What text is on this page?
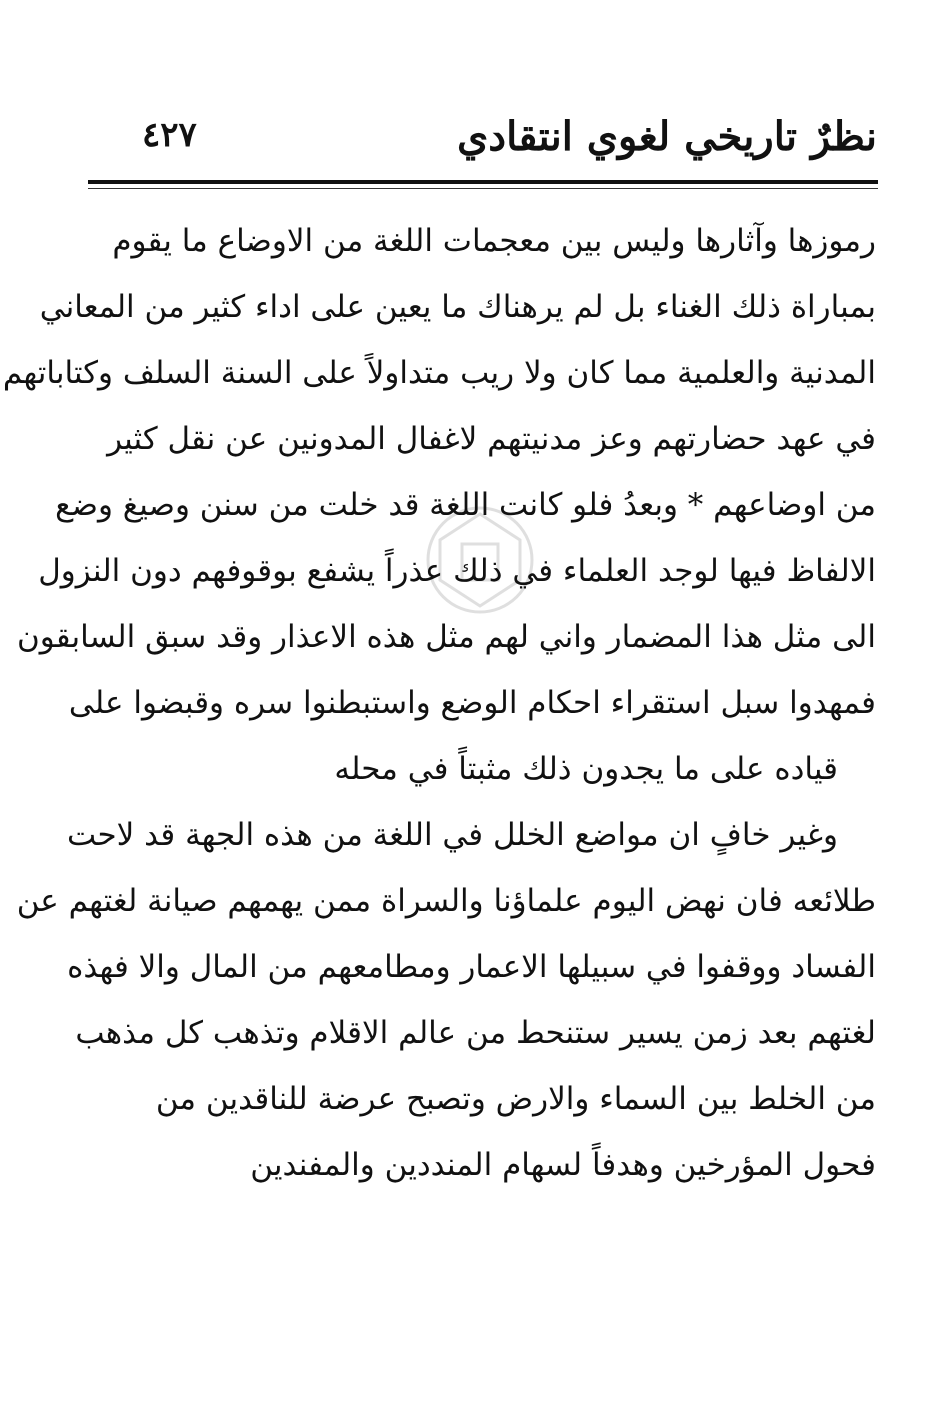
نظرٌ تاريخي لغوي انتقادي
٤٢٧
رموزها وآثارها وليس بين معجمات اللغة من الاوضاع ما يقوم
بمباراة ذلك الغناء بل لم يرهناك ما يعين على اداء كثير من المعاني
المدنية والعلمية مما كان ولا ريب متداولاً على السنة السلف وكتاباتهم
في عهد حضارتهم وعز مدنيتهم لاغفال المدونين عن نقل كثير
من اوضاعهم * وبعدُ فلو كانت اللغة قد خلت من سنن وصيغ وضع
الالفاظ فيها لوجد العلماء في ذلك عذراً يشفع بوقوفهم دون النزول
الى مثل هذا المضمار واني لهم مثل هذه الاعذار وقد سبق السابقون
فمهدوا سبل استقراء احكام الوضع واستبطنوا سره وقبضوا على
قياده على ما يجدون ذلك مثبتاً في محله
وغير خافٍ ان مواضع الخلل في اللغة من هذه الجهة قد لاحت
طلائعه فان نهض اليوم علماؤنا والسراة ممن يهمهم صيانة لغتهم عن
الفساد ووقفوا في سبيلها الاعمار ومطامعهم من المال والا فهذه
لغتهم بعد زمن يسير ستنحط من عالم الاقلام وتذهب كل مذهب
من الخلط بين السماء والارض وتصبح عرضة للناقدين من
فحول المؤرخين وهدفاً لسهام المنددين والمفندين
